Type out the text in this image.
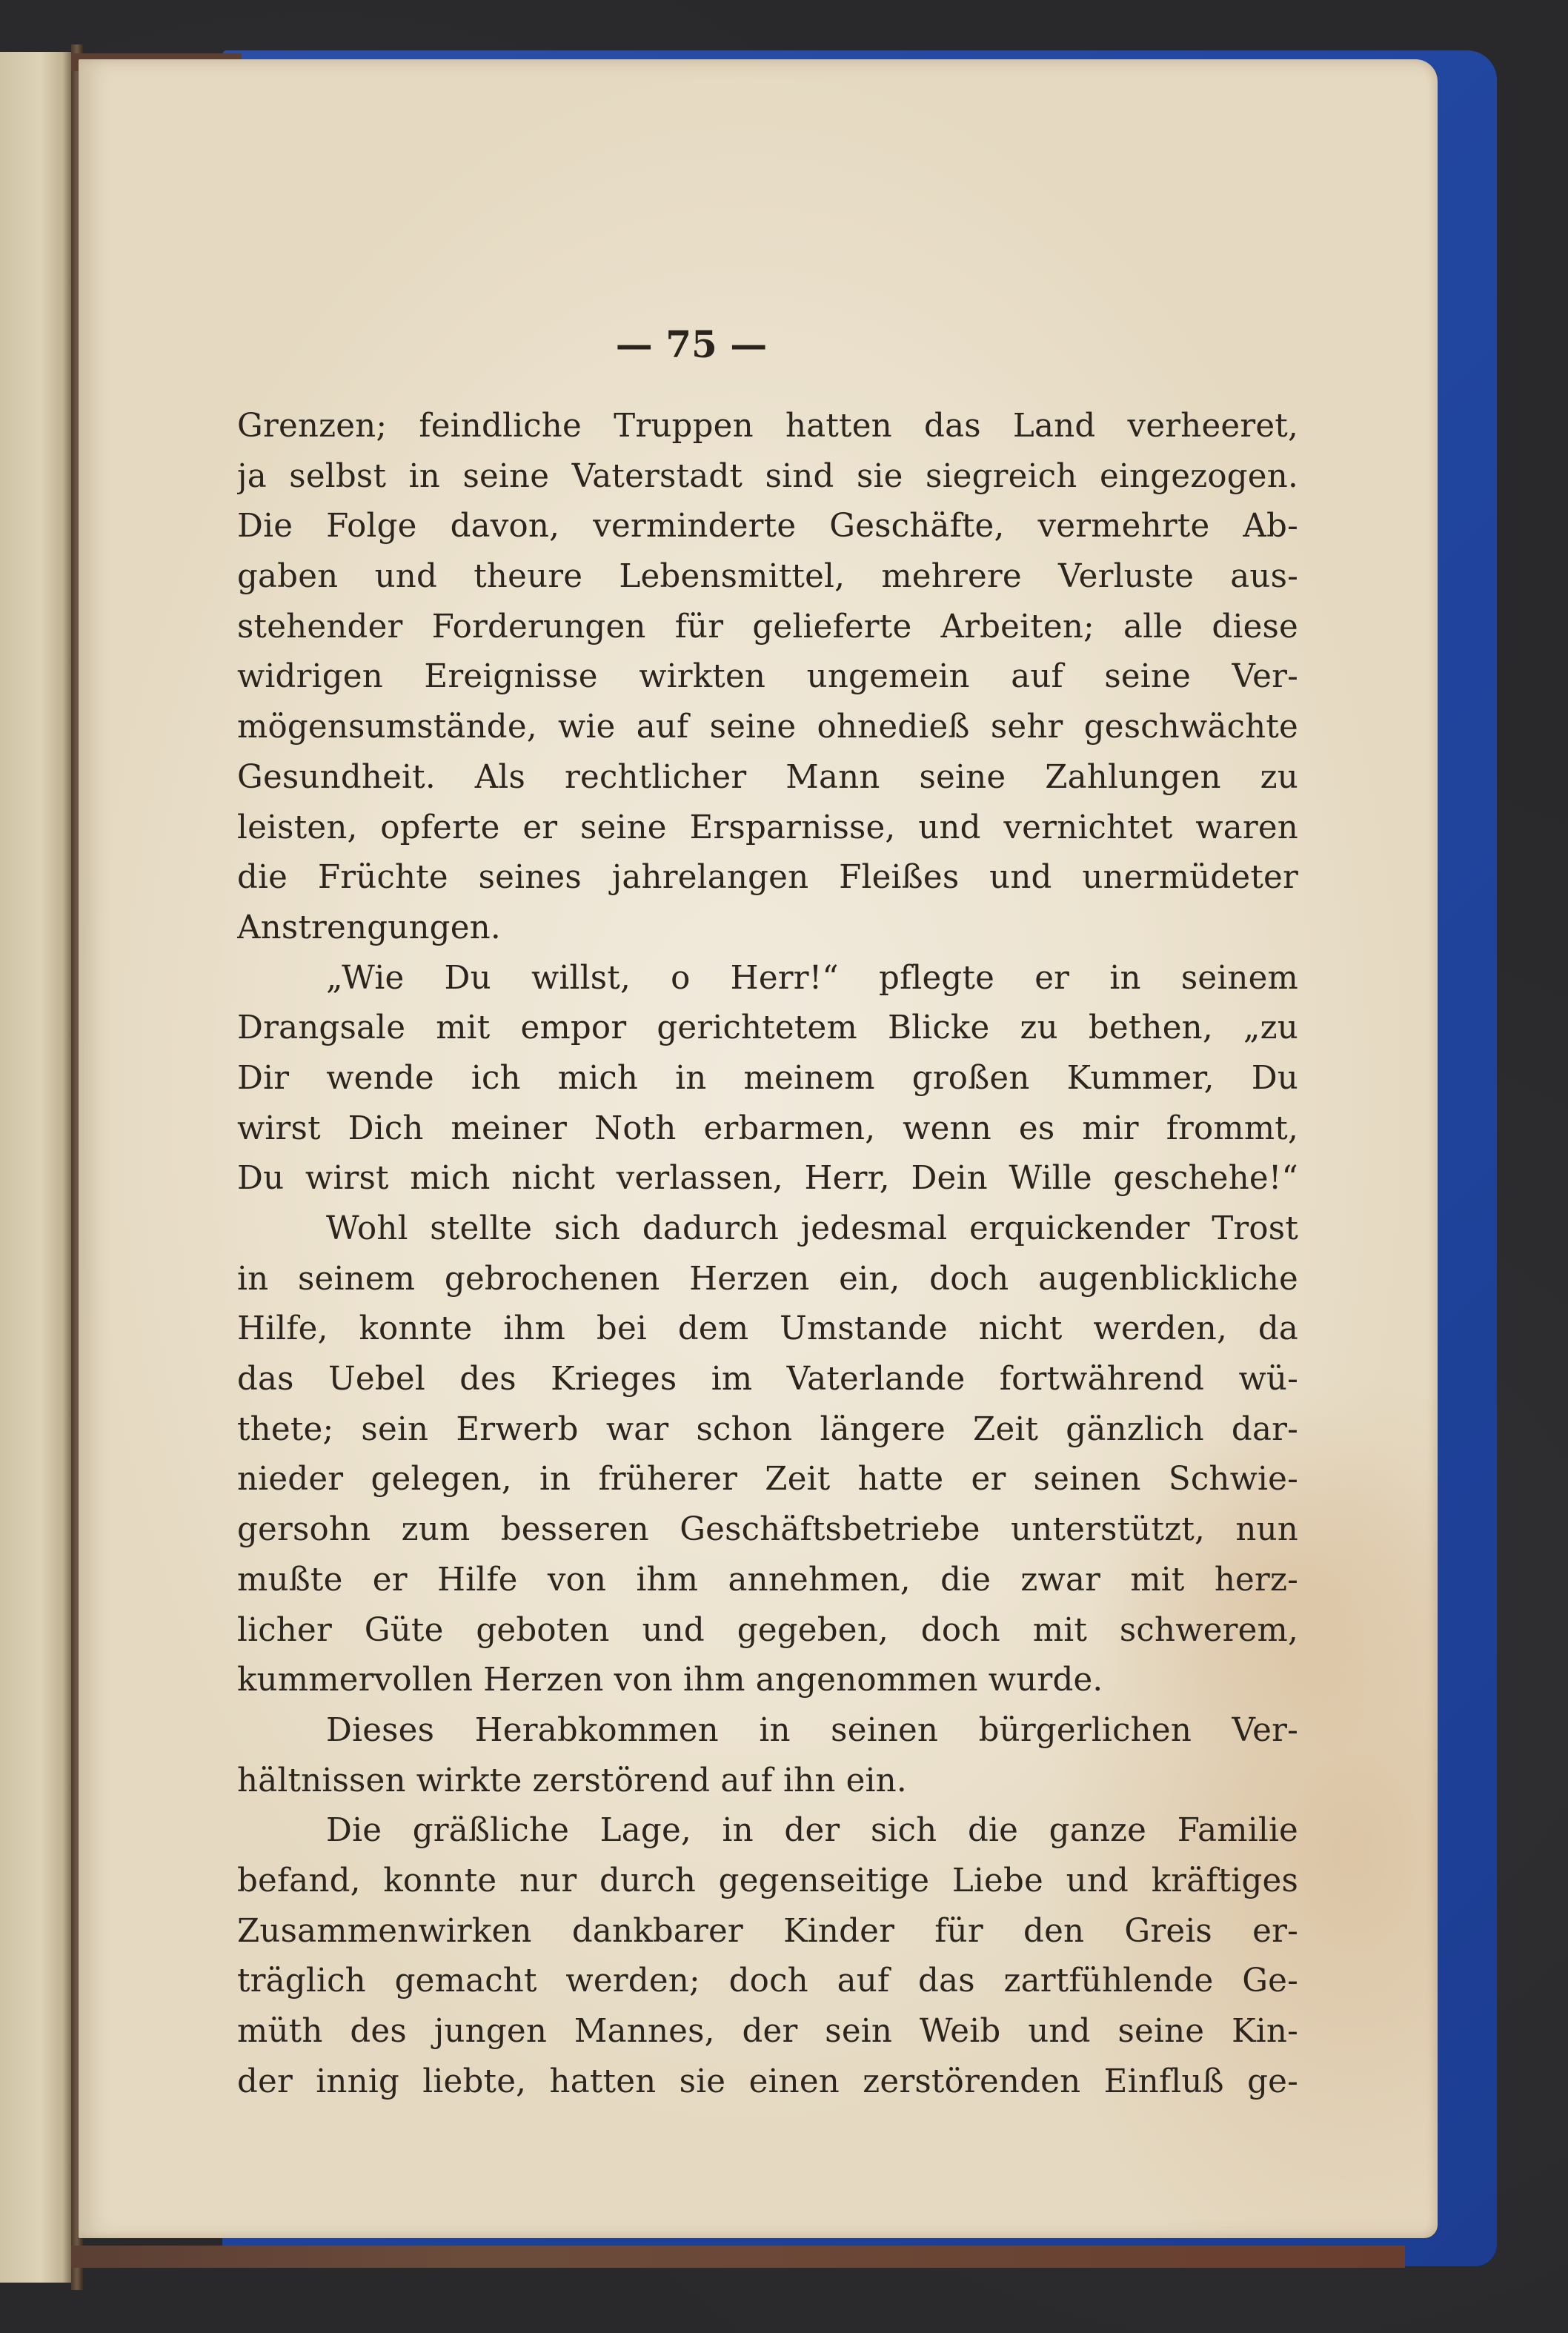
— 75 —
Grenzen; feindliche Truppen hatten das Land verheeret,
ja selbst in seine Vaterstadt sind sie siegreich eingezogen.
Die Folge davon, verminderte Geschäfte, vermehrte Ab-
gaben und theure Lebensmittel, mehrere Verluste aus-
stehender Forderungen für gelieferte Arbeiten; alle diese
widrigen Ereignisse wirkten ungemein auf seine Ver-
mögensumstände, wie auf seine ohnedieß sehr geschwächte
Gesundheit. Als rechtlicher Mann seine Zahlungen zu
leisten, opferte er seine Ersparnisse, und vernichtet waren
die Früchte seines jahrelangen Fleißes und unermüdeter
Anstrengungen.
„Wie Du willst, o Herr!“ pflegte er in seinem
Drangsale mit empor gerichtetem Blicke zu bethen, „zu
Dir wende ich mich in meinem großen Kummer, Du
wirst Dich meiner Noth erbarmen, wenn es mir frommt,
Du wirst mich nicht verlassen, Herr, Dein Wille geschehe!“
Wohl stellte sich dadurch jedesmal erquickender Trost
in seinem gebrochenen Herzen ein, doch augenblickliche
Hilfe, konnte ihm bei dem Umstande nicht werden, da
das Uebel des Krieges im Vaterlande fortwährend wü-
thete; sein Erwerb war schon längere Zeit gänzlich dar-
nieder gelegen, in früherer Zeit hatte er seinen Schwie-
gersohn zum besseren Geschäftsbetriebe unterstützt, nun
mußte er Hilfe von ihm annehmen, die zwar mit herz-
licher Güte geboten und gegeben, doch mit schwerem,
kummervollen Herzen von ihm angenommen wurde.
Dieses Herabkommen in seinen bürgerlichen Ver-
hältnissen wirkte zerstörend auf ihn ein.
Die gräßliche Lage, in der sich die ganze Familie
befand, konnte nur durch gegenseitige Liebe und kräftiges
Zusammenwirken dankbarer Kinder für den Greis er-
träglich gemacht werden; doch auf das zartfühlende Ge-
müth des jungen Mannes, der sein Weib und seine Kin-
der innig liebte, hatten sie einen zerstörenden Einfluß ge-
